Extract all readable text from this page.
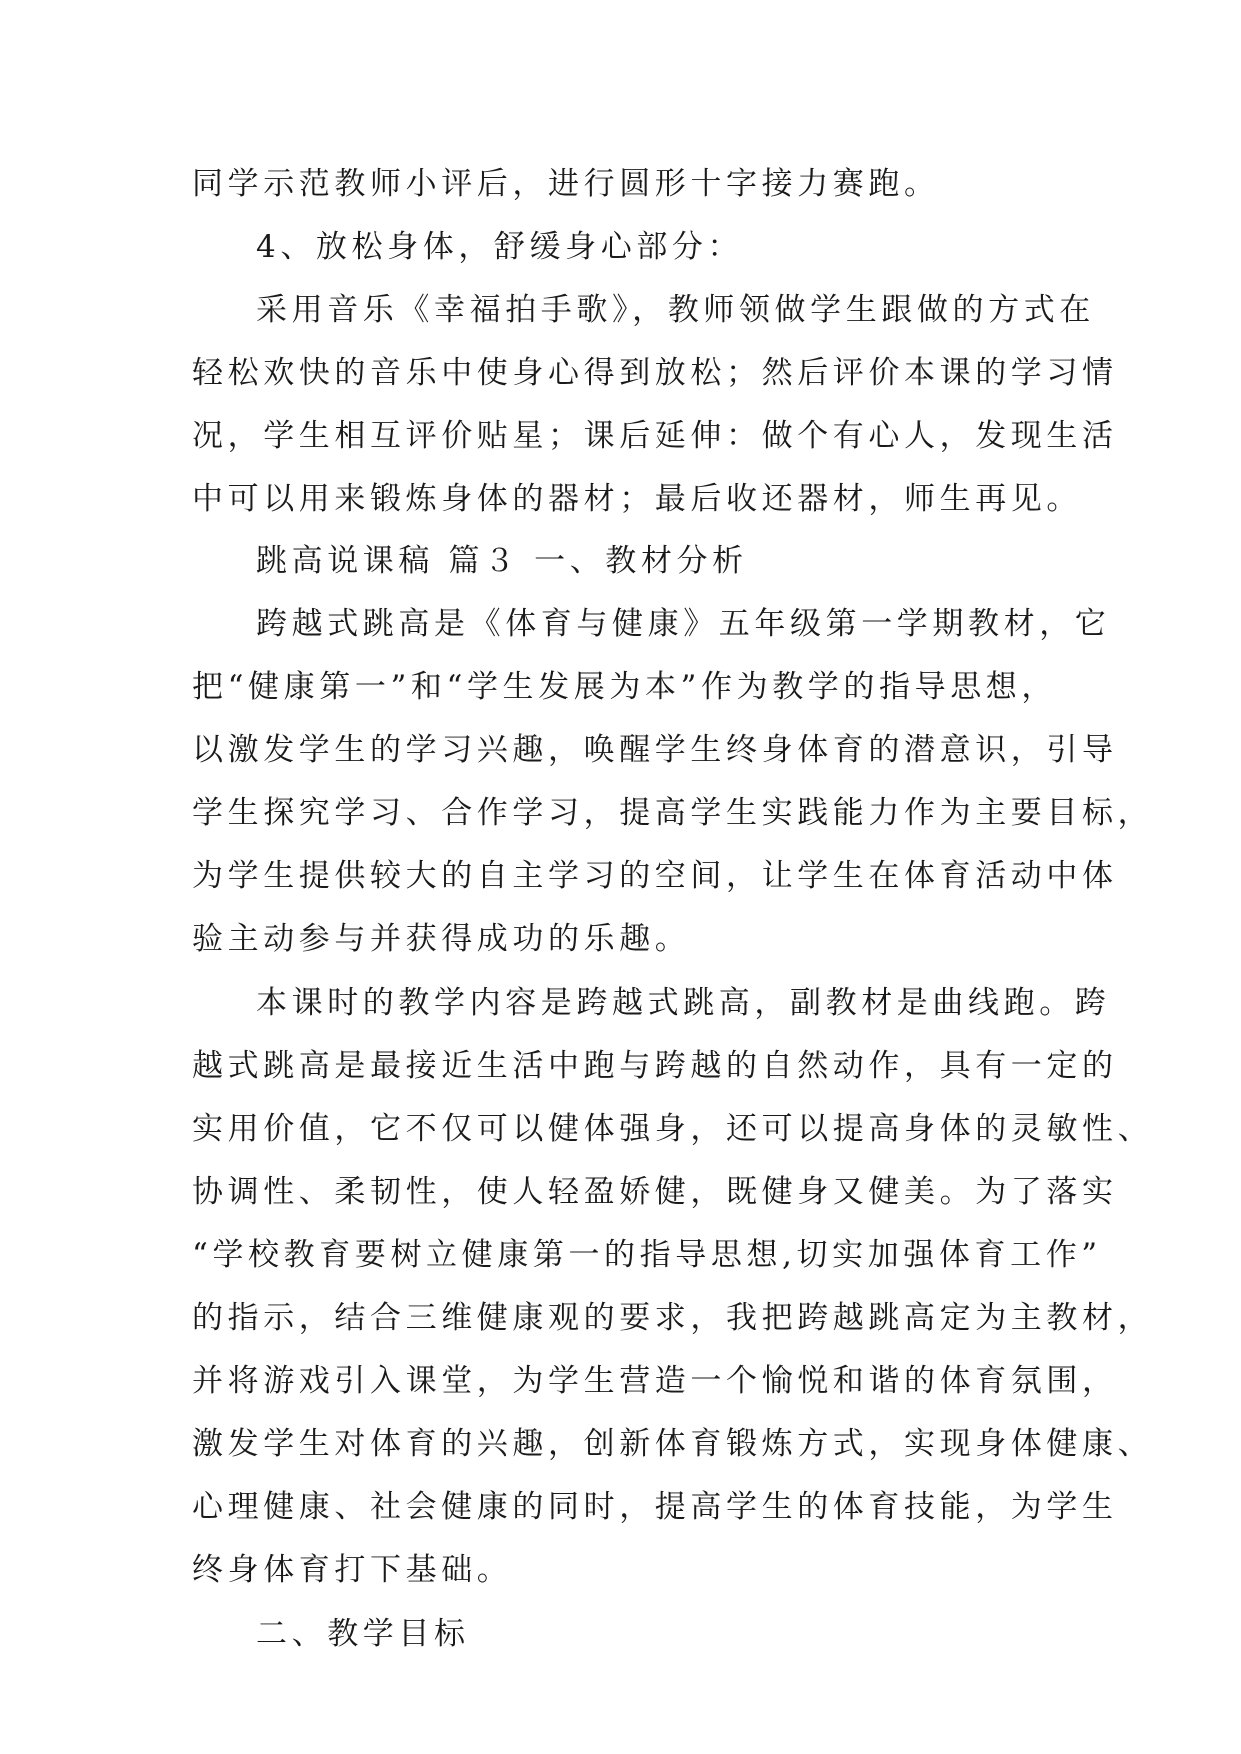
同学示范教师小评后，进行圆形十字接力赛跑。
4、放松身体，舒缓身心部分：
采用音乐《幸福拍手歌》，教师领做学生跟做的方式在
轻松欢快的音乐中使身心得到放松；然后评价本课的学习情
况，学生相互评价贴星；课后延伸：做个有心人，发现生活
中可以用来锻炼身体的器材；最后收还器材，师生再见。
跳高说课稿 篇３ 一、教材分析
跨越式跳高是《体育与健康》五年级第一学期教材，它
把“健康第一”和“学生发展为本”作为教学的指导思想，
以激发学生的学习兴趣，唤醒学生终身体育的潜意识，引导
学生探究学习、合作学习，提高学生实践能力作为主要目标，
为学生提供较大的自主学习的空间，让学生在体育活动中体
验主动参与并获得成功的乐趣。
本课时的教学内容是跨越式跳高，副教材是曲线跑。跨
越式跳高是最接近生活中跑与跨越的自然动作，具有一定的
实用价值，它不仅可以健体强身，还可以提高身体的灵敏性、
协调性、柔韧性，使人轻盈娇健，既健身又健美。为了落实
“学校教育要树立健康第一的指导思想,切实加强体育工作”
的指示，结合三维健康观的要求，我把跨越跳高定为主教材，
并将游戏引入课堂，为学生营造一个愉悦和谐的体育氛围，
激发学生对体育的兴趣，创新体育锻炼方式，实现身体健康、
心理健康、社会健康的同时，提高学生的体育技能，为学生
终身体育打下基础。
二、教学目标
